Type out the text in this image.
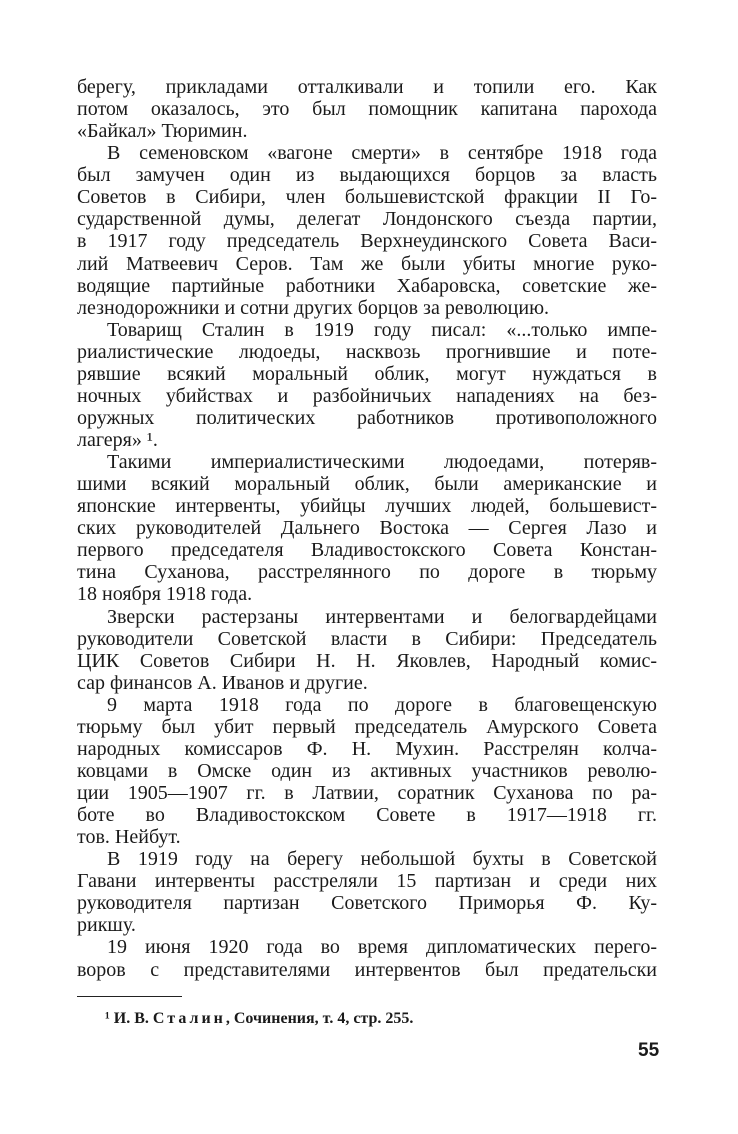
берегу, прикладами отталкивали и топили его. Как
потом оказалось, это был помощник капитана парохода
«Байкал» Тюримин.
В семеновском «вагоне смерти» в сентябре 1918 года
был замучен один из выдающихся борцов за власть
Советов в Сибири, член большевистской фракции II Го-
сударственной думы, делегат Лондонского съезда партии,
в 1917 году председатель Верхнеудинского Совета Васи-
лий Матвеевич Серов. Там же были убиты многие руко-
водящие партийные работники Хабаровска, советские же-
лезнодорожники и сотни других борцов за революцию.
Товарищ Сталин в 1919 году писал: «...только импе-
риалистические людоеды, насквозь прогнившие и поте-
рявшие всякий моральный облик, могут нуждаться в
ночных убийствах и разбойничьих нападениях на без-
оружных политических работников противоположного
лагеря» ¹.
Такими империалистическими людоедами, потеряв-
шими всякий моральный облик, были американские и
японские интервенты, убийцы лучших людей, большевист-
ских руководителей Дальнего Востока — Сергея Лазо и
первого председателя Владивостокского Совета Констан-
тина Суханова, расстрелянного по дороге в тюрьму
18 ноября 1918 года.
Зверски растерзаны интервентами и белогвардейцами
руководители Советской власти в Сибири: Председатель
ЦИК Советов Сибири Н. Н. Яковлев, Народный комис-
сар финансов А. Иванов и другие.
9 марта 1918 года по дороге в благовещенскую
тюрьму был убит первый председатель Амурского Совета
народных комиссаров Ф. Н. Мухин. Расстрелян колча-
ковцами в Омске один из активных участников револю-
ции 1905—1907 гг. в Латвии, соратник Суханова по ра-
боте во Владивостокском Совете в 1917—1918 гг.
тов. Нейбут.
В 1919 году на берегу небольшой бухты в Советской
Гавани интервенты расстреляли 15 партизан и среди них
руководителя партизан Советского Приморья Ф. Ку-
рикшу.
19 июня 1920 года во время дипломатических перего-
воров с представителями интервентов был предательски
¹ И. В. Сталин, Сочинения, т. 4, стр. 255.
55
